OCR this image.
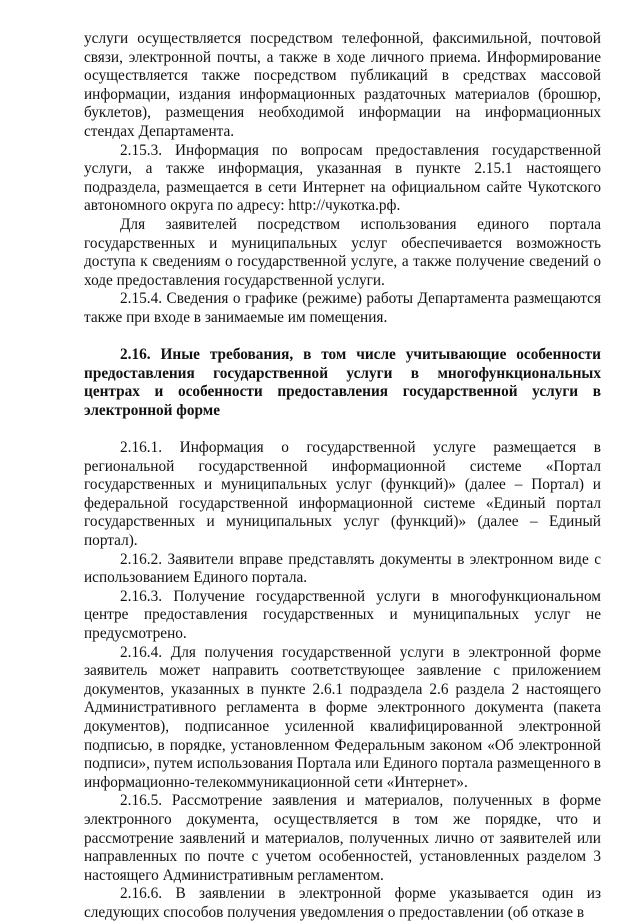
услуги осуществляется посредством телефонной, факсимильной, почтовой связи, электронной почты, а также в ходе личного приема. Информирование осуществляется также посредством публикаций в средствах массовой информации, издания информационных раздаточных материалов (брошюр, буклетов), размещения необходимой информации на информационных стендах Департамента.

2.15.3. Информация по вопросам предоставления государственной услуги, а также информация, указанная в пункте 2.15.1 настоящего подраздела, размещается в сети Интернет на официальном сайте Чукотского автономного округа по адресу: http://чукотка.рф.

Для заявителей посредством использования единого портала государственных и муниципальных услуг обеспечивается возможность доступа к сведениям о государственной услуге, а также получение сведений о ходе предоставления государственной услуги.

2.15.4. Сведения о графике (режиме) работы Департамента размещаются также при входе в занимаемые им помещения.

2.16. Иные требования, в том числе учитывающие особенности предоставления государственной услуги в многофункциональных центрах и особенности предоставления государственной услуги в электронной форме

2.16.1. Информация о государственной услуге размещается в региональной государственной информационной системе «Портал государственных и муниципальных услуг (функций)» (далее – Портал) и федеральной государственной информационной системе «Единый портал государственных и муниципальных услуг (функций)» (далее – Единый портал).

2.16.2. Заявители вправе представлять документы в электронном виде с использованием Единого портала.

2.16.3. Получение государственной услуги в многофункциональном центре предоставления государственных и муниципальных услуг не предусмотрено.

2.16.4. Для получения государственной услуги в электронной форме заявитель может направить соответствующее заявление с приложением документов, указанных в пункте 2.6.1 подраздела 2.6 раздела 2 настоящего Административного регламента в форме электронного документа (пакета документов), подписанное усиленной квалифицированной электронной подписью, в порядке, установленном Федеральным законом «Об электронной подписи», путем использования Портала или Единого портала размещенного в информационно-телекоммуникационной сети «Интернет».

2.16.5. Рассмотрение заявления и материалов, полученных в форме электронного документа, осуществляется в том же порядке, что и рассмотрение заявлений и материалов, полученных лично от заявителей или направленных по почте с учетом особенностей, установленных разделом 3 настоящего Административным регламентом.

2.16.6. В заявлении в электронной форме указывается один из следующих способов получения уведомления о предоставлении (об отказе в
